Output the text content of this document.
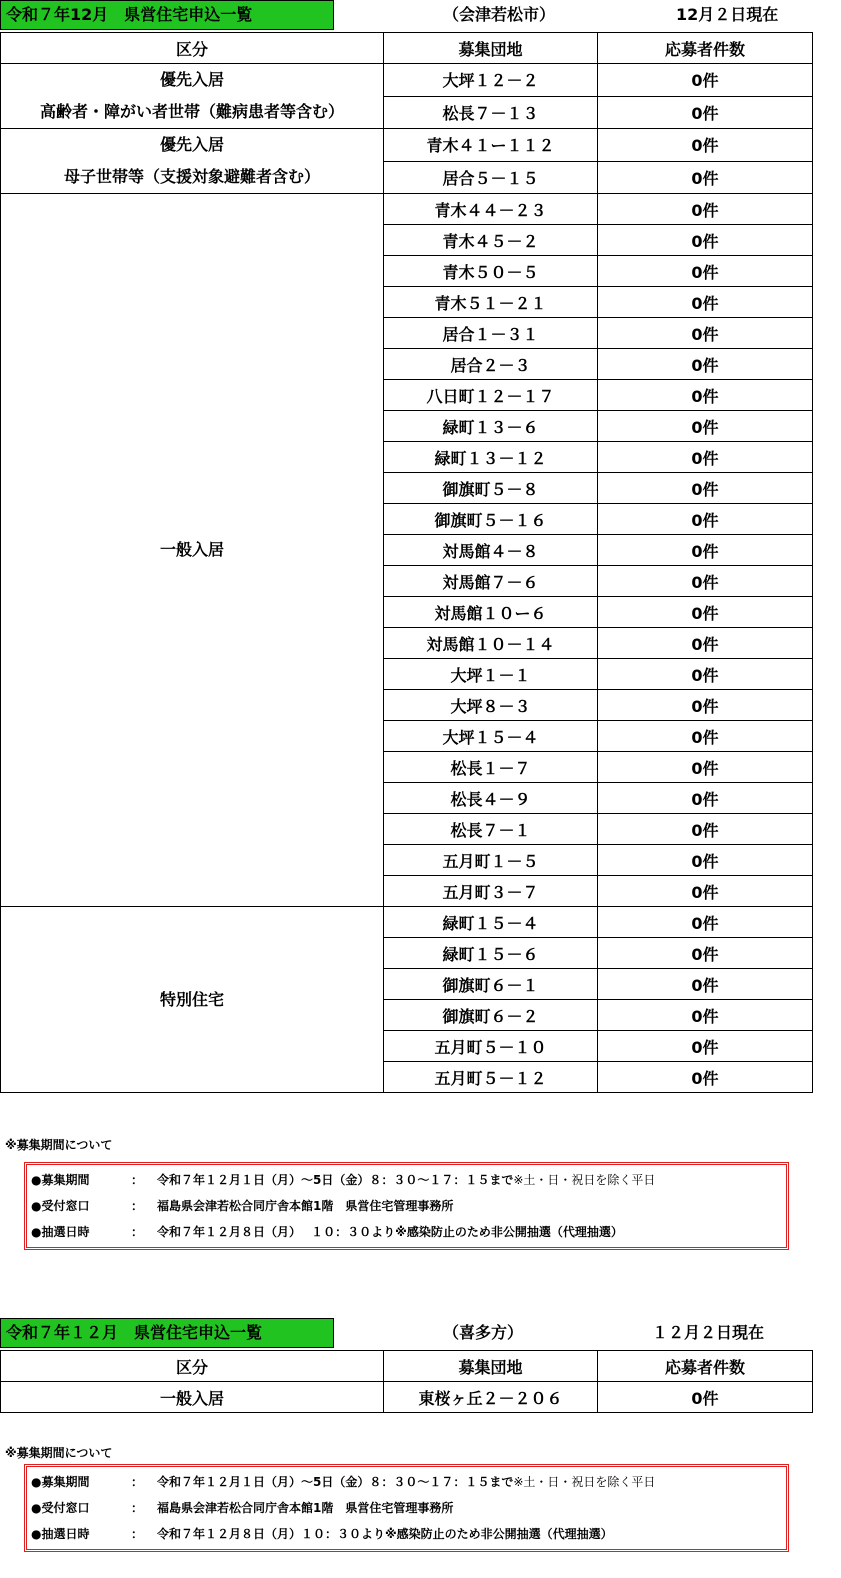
令和７年12月　県営住宅申込一覧	（会津若松市）	12月２日現在
区分	募集団地	応募者件数

優先入居
高齢者・障がい者世帯（難病患者等含む）	大坪１２－２	0件
	松長７－１３	0件

優先入居
母子世帯等（支援対象避難者含む）	青木４１ー１１２	0件
	居合５－１５	0件

一般入居	青木４４－２３	0件
	青木４５－２	0件
	青木５０－５	0件
	青木５１－２１	0件
	居合１－３１	0件
	居合２－３	0件
	八日町１２－１７	0件
	緑町１３－６	0件
	緑町１３－１２	0件
	御旗町５－８	0件
	御旗町５－１６	0件
	対馬館４－８	0件
	対馬館７－６	0件
	対馬館１０ー６	0件
	対馬館１０－１４	0件
	大坪１－１	0件
	大坪８－３	0件
	大坪１５－４	0件
	松長１－７	0件
	松長４－９	0件
	松長７－１	0件
	五月町１－５	0件
	五月町３－７	0件

特別住宅	緑町１５－４	0件
	緑町１５－６	0件
	御旗町６－１	0件
	御旗町６－２	0件
	五月町５－１０	0件
	五月町５－１２	0件
※募集期間について
●募集期間	：	令和７年１２月１日（月）～5日（金）８：３０～１７：１５まで ※土・日・祝日を除く平日
●受付窓口	：	福島県会津若松合同庁舎本館1階　県営住宅管理事務所
●抽選日時	：	令和７年１２月８日（月）　 １０：３０より※感染防止のため非公開抽選（代理抽選）
令和７年１２月　県営住宅申込一覧	（喜多方）	１２月２日現在
区分	募集団地	応募者件数
一般入居	東桜ヶ丘２－２０６	0件
※募集期間について
●募集期間	：	令和７年１２月１日（月）～5日（金）８：３０～１７：１５まで ※土・日・祝日を除く平日
●受付窓口	：	福島県会津若松合同庁舎本館1階　県営住宅管理事務所
●抽選日時	：	令和７年１２月８日（月）１０：３０より※感染防止のため非公開抽選（代理抽選）
